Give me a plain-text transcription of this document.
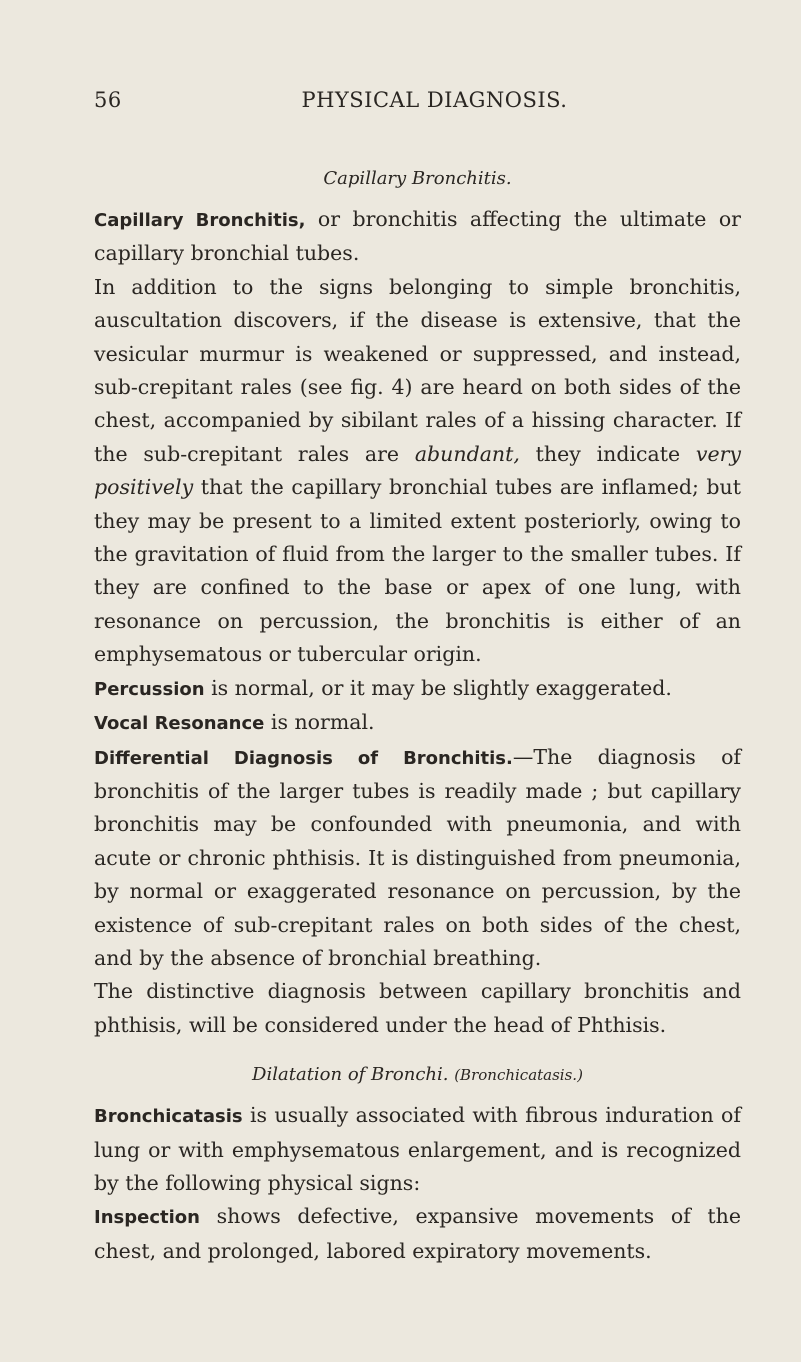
56	PHYSICAL DIAGNOSIS.
Capillary Bronchitis.

Capillary Bronchitis, or bronchitis affecting the ultimate or capillary bronchial tubes.

In addition to the signs belonging to simple bronchitis, auscultation discovers, if the disease is extensive, that the vesicular murmur is weakened or suppressed, and instead, sub-crepitant rales (see fig. 4) are heard on both sides of the chest, accompanied by sibilant rales of a hissing character. If the sub-crepitant rales are abundant, they indicate very positively that the capillary bronchial tubes are inflamed; but they may be present to a limited extent posteriorly, owing to the gravitation of fluid from the larger to the smaller tubes. If they are confined to the base or apex of one lung, with resonance on percussion, the bronchitis is either of an emphysematous or tubercular origin.

Percussion is normal, or it may be slightly exaggerated.

Vocal Resonance is normal.

Differential Diagnosis of Bronchitis.—The diagnosis of bronchitis of the larger tubes is readily made ; but capillary bronchitis may be confounded with pneumonia, and with acute or chronic phthisis. It is distinguished from pneumonia, by normal or exaggerated resonance on percussion, by the existence of sub-crepitant rales on both sides of the chest, and by the absence of bronchial breathing.

The distinctive diagnosis between capillary bronchitis and phthisis, will be considered under the head of Phthisis.

Dilatation of Bronchi. (Bronchicatasis.)

Bronchicatasis is usually associated with fibrous induration of lung or with emphysematous enlargement, and is recognized by the following physical signs:

Inspection shows defective, expansive movements of the chest, and prolonged, labored expiratory movements.
